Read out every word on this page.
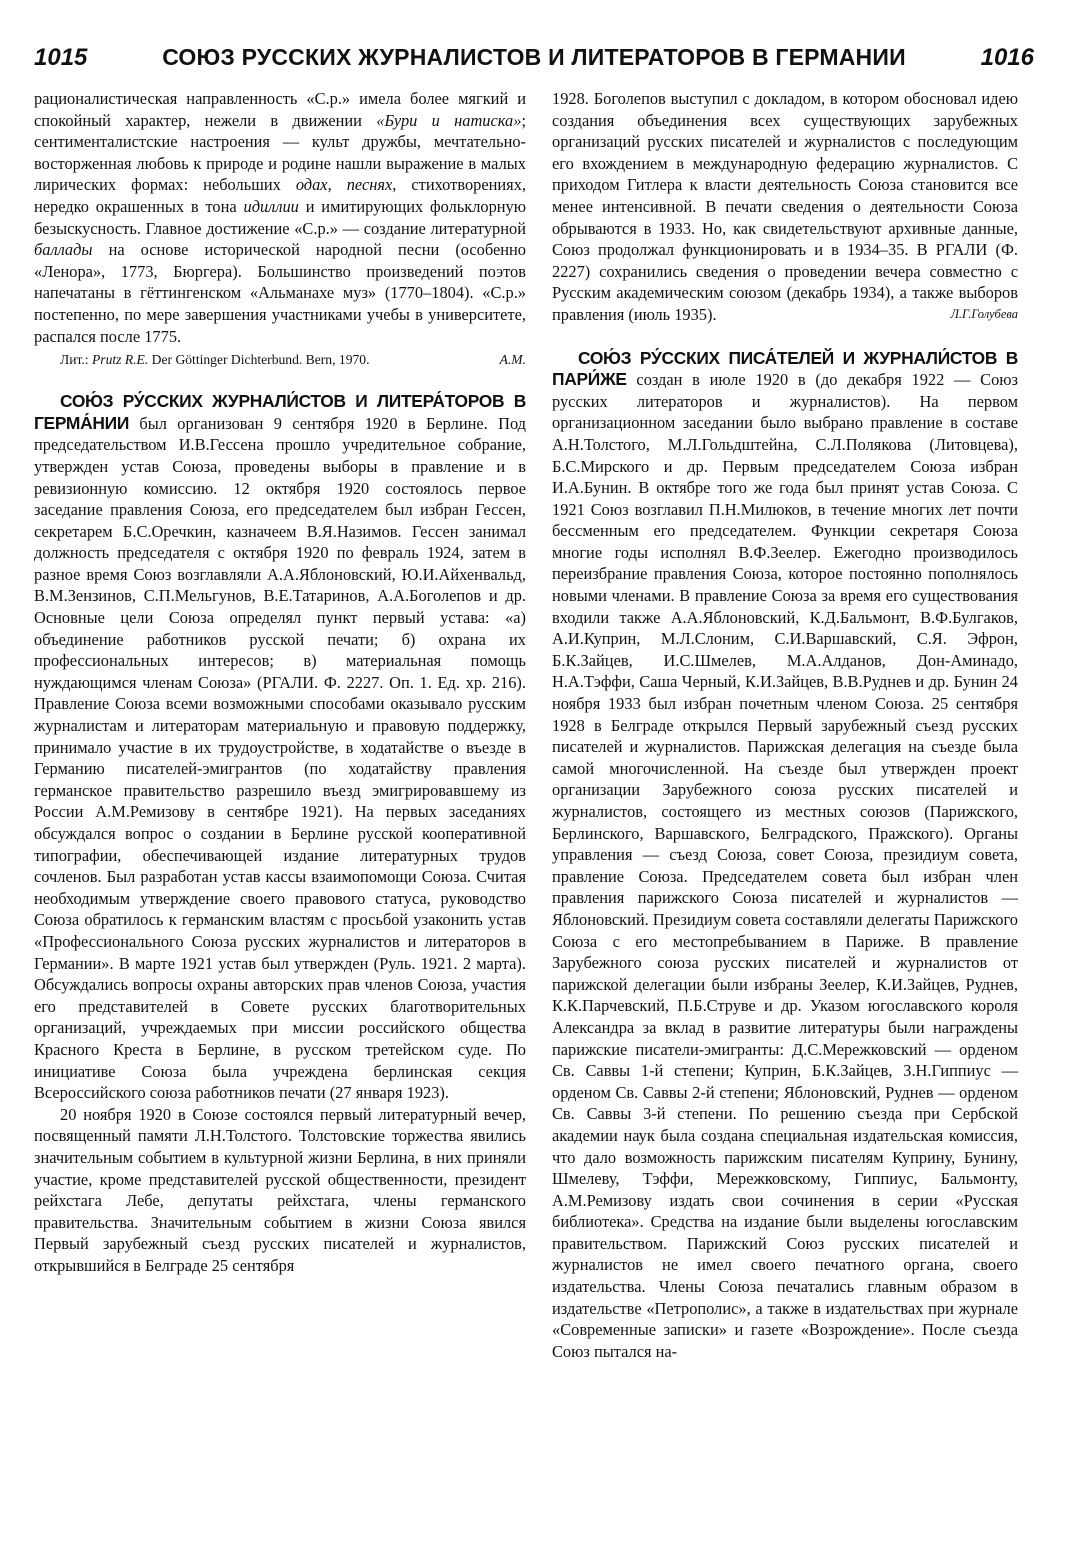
1015	СОЮЗ РУССКИХ ЖУРНАЛИСТОВ И ЛИТЕРАТОРОВ В ГЕРМАНИИ	1016

рационалистическая направленность «С.р.» имела более мягкий и спокойный характер, нежели в движении «Бури и натиска»; сентименталистские настроения — культ дружбы, мечтательно-восторженная любовь к природе и родине нашли выражение в малых лирических формах: небольших одах, песнях, стихотворениях, нередко окрашенных в тона идиллии и имитирующих фольклорную безыскусность. Главное достижение «С.р.» — создание литературной баллады на основе исторической народной песни (особенно «Ленора», 1773, Бюргера). Большинство произведений поэтов напечатаны в гёттингенском «Альманахе муз» (1770–1804). «С.р.» постепенно, по мере завершения участниками учебы в университете, распался после 1775.

Лит.: Prutz R.E. Der Göttinger Dichterbund. Bern, 1970.	А.М.

СОЮ́З РУ́ССКИХ ЖУРНАЛИ́СТОВ И ЛИТЕРА́ТОРОВ В ГЕРМА́НИИ был организован 9 сентября 1920 в Берлине. Под председательством И.В.Гессена прошло учредительное собрание, утвержден устав Союза, проведены выборы в правление и в ревизионную комиссию. 12 октября 1920 состоялось первое заседание правления Союза, его председателем был избран Гессен, секретарем Б.С.Оречкин, казначеем В.Я.Назимов. Гессен занимал должность председателя с октября 1920 по февраль 1924, затем в разное время Союз возглавляли А.А.Яблоновский, Ю.И.Айхенвальд, В.М.Зензинов, С.П.Мельгунов, В.Е.Татаринов, А.А.Боголепов и др. Основные цели Союза определял пункт первый устава: «а) объединение работников русской печати; б) охрана их профессиональных интересов; в) материальная помощь нуждающимся членам Союза» (РГАЛИ. Ф. 2227. Оп. 1. Ед. хр. 216). Правление Союза всеми возможными способами оказывало русским журналистам и литераторам материальную и правовую поддержку, принимало участие в их трудоустройстве, в ходатайстве о въезде в Германию писателей-эмигрантов (по ходатайству правления германское правительство разрешило въезд эмигрировавшему из России А.М.Ремизову в сентябре 1921). На первых заседаниях обсуждался вопрос о создании в Берлине русской кооперативной типографии, обеспечивающей издание литературных трудов сочленов. Был разработан устав кассы взаимопомощи Союза. Считая необходимым утверждение своего правового статуса, руководство Союза обратилось к германским властям с просьбой узаконить устав «Профессионального Союза русских журналистов и литераторов в Германии». В марте 1921 устав был утвержден (Руль. 1921. 2 марта). Обсуждались вопросы охраны авторских прав членов Союза, участия его представителей в Совете русских благотворительных организаций, учреждаемых при миссии российского общества Красного Креста в Берлине, в русском третейском суде. По инициативе Союза была учреждена берлинская секция Всероссийского союза работников печати (27 января 1923).

20 ноября 1920 в Союзе состоялся первый литературный вечер, посвященный памяти Л.Н.Толстого. Толстовские торжества явились значительным событием в культурной жизни Берлина, в них приняли участие, кроме представителей русской общественности, президент рейхстага Лебе, депутаты рейхстага, члены германского правительства. Значительным событием в жизни Союза явился Первый зарубежный съезд русских писателей и журналистов, открывшийся в Белграде 25 сентября

1928. Боголепов выступил с докладом, в котором обосновал идею создания объединения всех существующих зарубежных организаций русских писателей и журналистов с последующим его вхождением в международную федерацию журналистов. С приходом Гитлера к власти деятельность Союза становится все менее интенсивной. В печати сведения о деятельности Союза обрываются в 1933. Но, как свидетельствуют архивные данные, Союз продолжал функционировать и в 1934–35. В РГАЛИ (Ф. 2227) сохранились сведения о проведении вечера совместно с Русским академическим союзом (декабрь 1934), а также выборов правления (июль 1935).	Л.Г.Голубева

СОЮ́З РУ́ССКИХ ПИСА́ТЕЛЕЙ И ЖУРНАЛИ́СТОВ В ПАРИ́ЖЕ создан в июле 1920 в (до декабря 1922 — Союз русских литераторов и журналистов). На первом организационном заседании было выбрано правление в составе А.Н.Толстого, М.Л.Гольдштейна, С.Л.Полякова (Литовцева), Б.С.Мирского и др. Первым председателем Союза избран И.А.Бунин. В октябре того же года был принят устав Союза. С 1921 Союз возглавил П.Н.Милюков, в течение многих лет почти бессменным его председателем. Функции секретаря Союза многие годы исполнял В.Ф.Зеелер. Ежегодно производилось переизбрание правления Союза, которое постоянно пополнялось новыми членами. В правление Союза за время его существования входили также А.А.Яблоновский, К.Д.Бальмонт, В.Ф.Булгаков, А.И.Куприн, М.Л.Слоним, С.И.Варшавский, С.Я. Эфрон, Б.К.Зайцев, И.С.Шмелев, М.А.Алданов, Дон-Аминадо, Н.А.Тэффи, Саша Черный, К.И.Зайцев, В.В.Руднев и др. Бунин 24 ноября 1933 был избран почетным членом Союза. 25 сентября 1928 в Белграде открылся Первый зарубежный съезд русских писателей и журналистов. Парижская делегация на съезде была самой многочисленной. На съезде был утвержден проект организации Зарубежного союза русских писателей и журналистов, состоящего из местных союзов (Парижского, Берлинского, Варшавского, Белградского, Пражского). Органы управления — съезд Союза, совет Союза, президиум совета, правление Союза. Председателем совета был избран член правления парижского Союза писателей и журналистов — Яблоновский. Президиум совета составляли делегаты Парижского Союза с его местопребыванием в Париже. В правление Зарубежного союза русских писателей и журналистов от парижской делегации были избраны Зеелер, К.И.Зайцев, Руднев, К.К.Парчевский, П.Б.Струве и др. Указом югославского короля Александра за вклад в развитие литературы были награждены парижские писатели-эмигранты: Д.С.Мережковский — орденом Св. Саввы 1-й степени; Куприн, Б.К.Зайцев, З.Н.Гиппиус — орденом Св. Саввы 2-й степени; Яблоновский, Руднев — орденом Св. Саввы 3-й степени. По решению съезда при Сербской академии наук была создана специальная издательская комиссия, что дало возможность парижским писателям Куприну, Бунину, Шмелеву, Тэффи, Мережковскому, Гиппиус, Бальмонту, А.М.Ремизову издать свои сочинения в серии «Русская библиотека». Средства на издание были выделены югославским правительством. Парижский Союз русских писателей и журналистов не имел своего печатного органа, своего издательства. Члены Союза печатались главным образом в издательстве «Петрополис», а также в издательствах при журнале «Современные записки» и газете «Возрождение». После съезда Союз пытался на-
